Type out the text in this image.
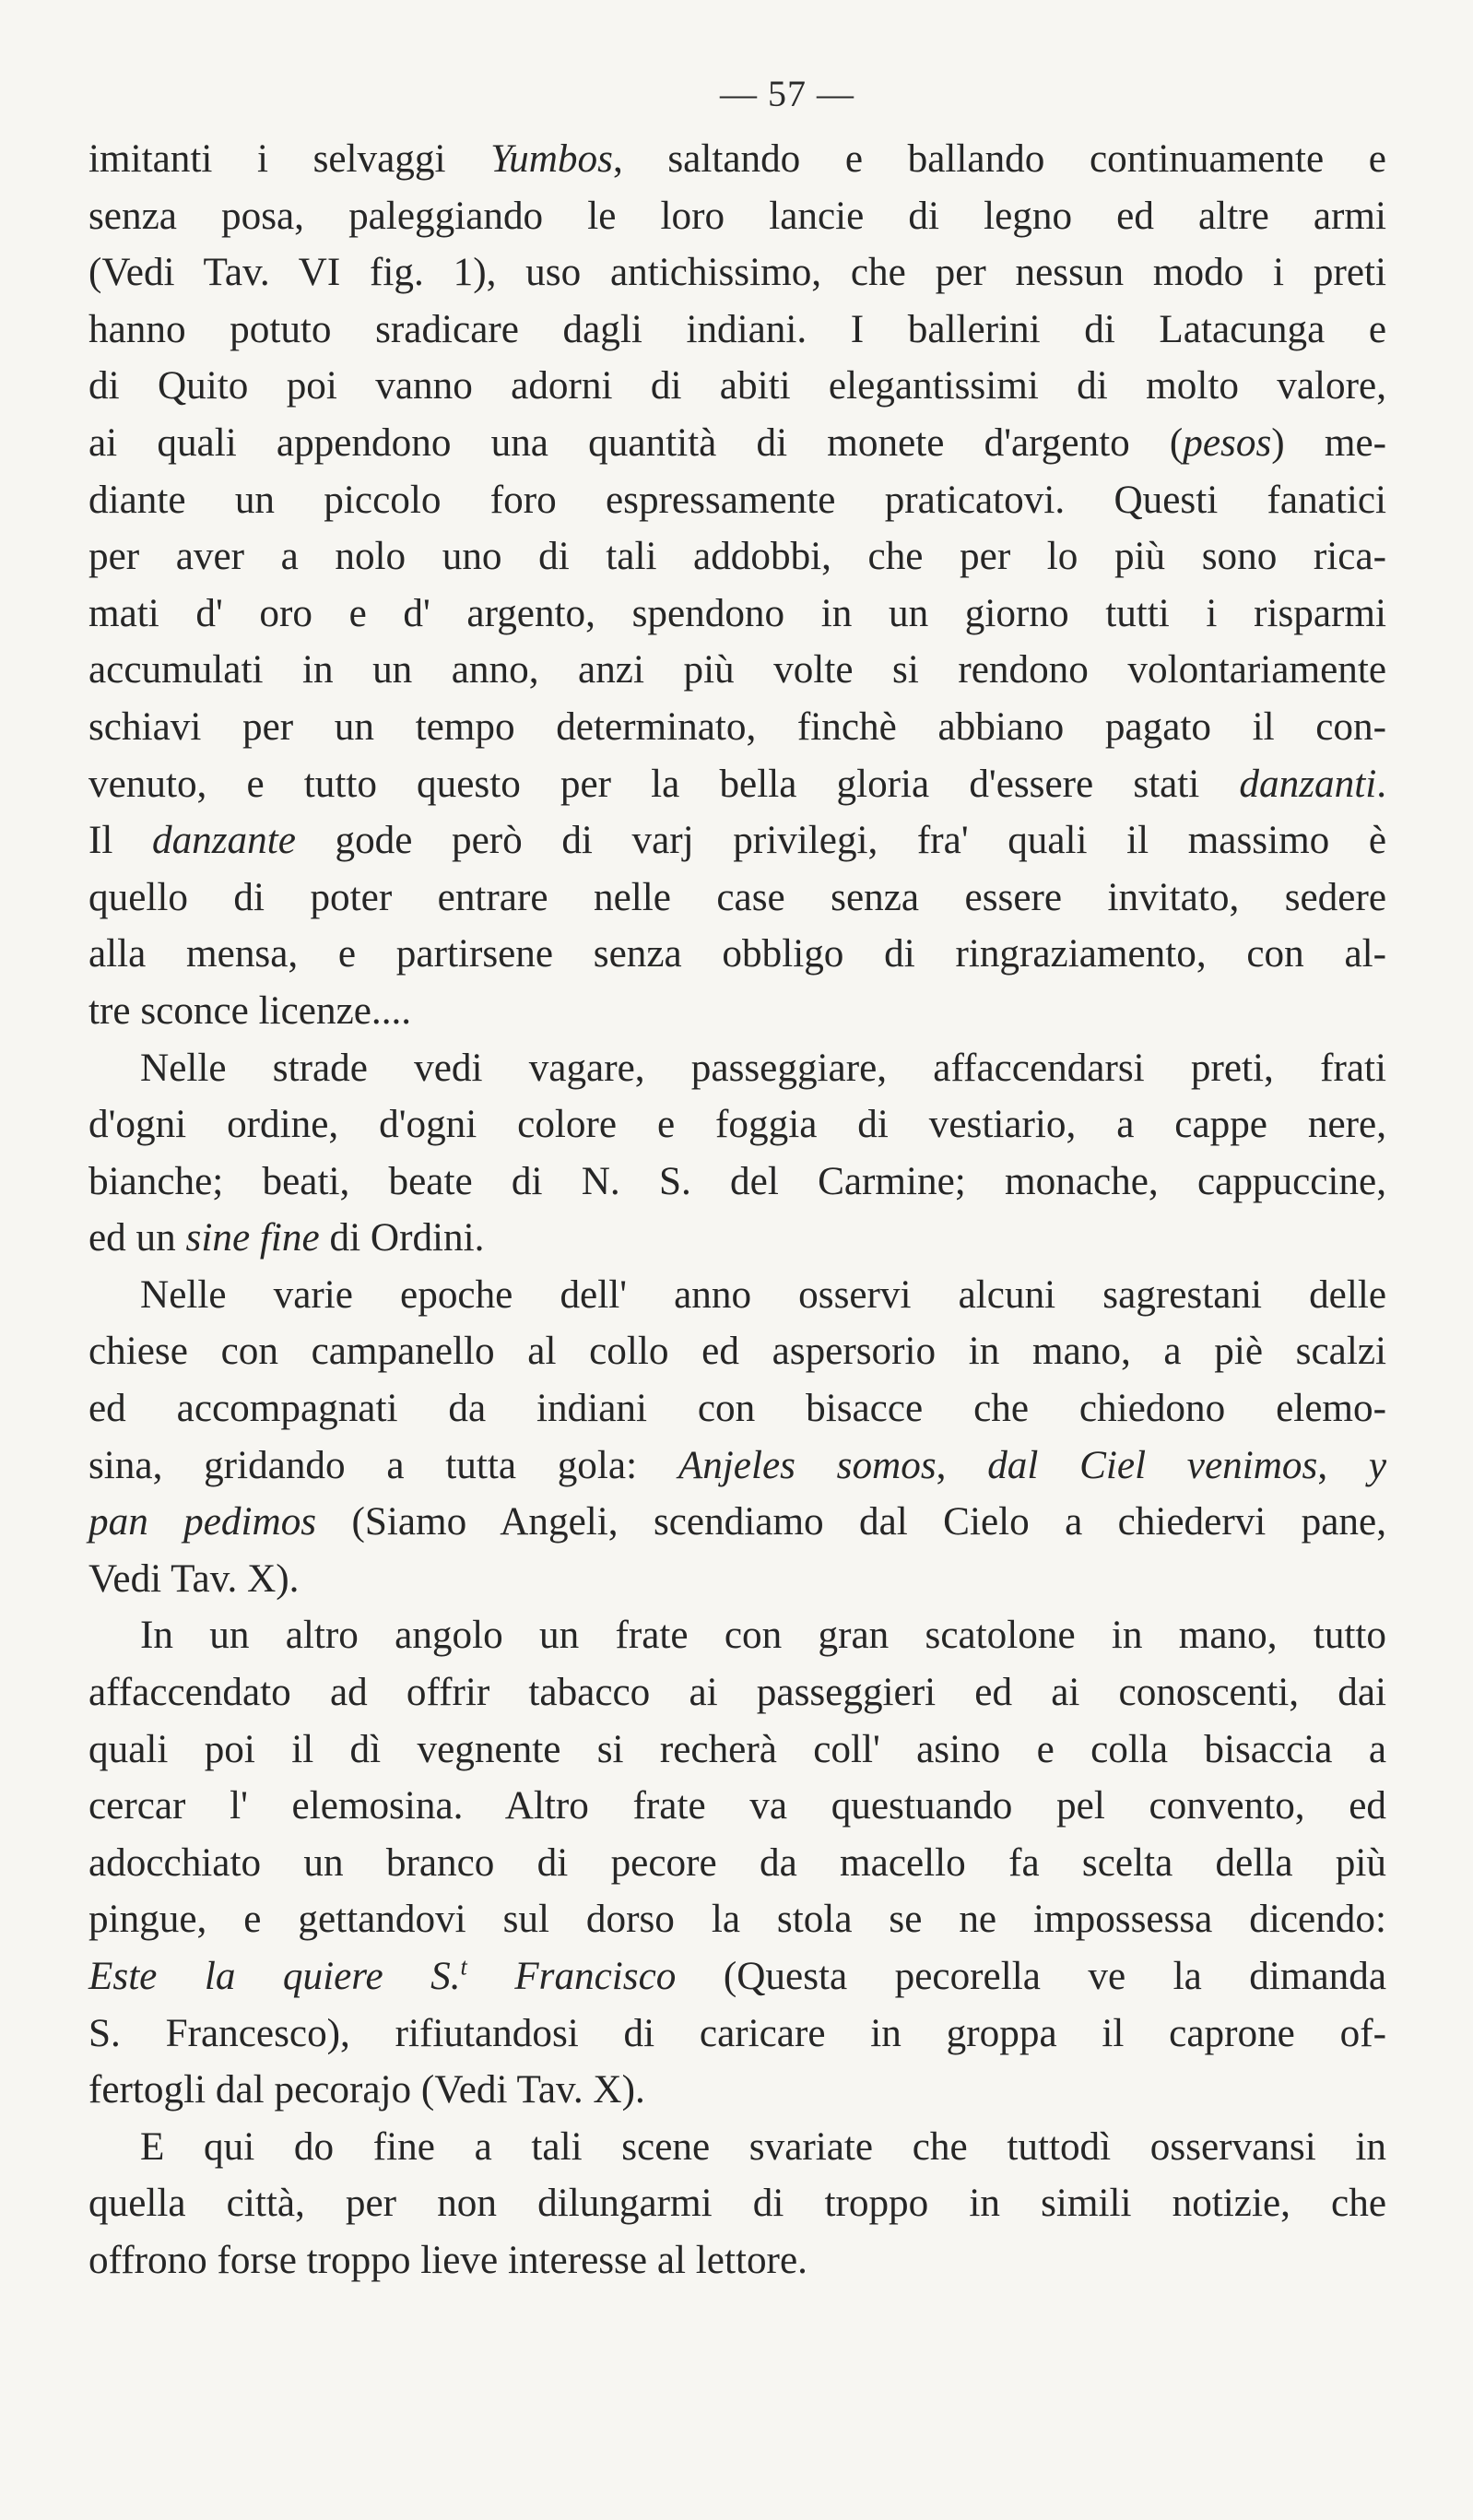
— 57 —
imitanti i selvaggi Yumbos, saltando e ballando continuamente e
senza posa, paleggiando le loro lancie di legno ed altre armi
(Vedi Tav. VI fig. 1), uso antichissimo, che per nessun modo i preti
hanno potuto sradicare dagli indiani. I ballerini di Latacunga e
di Quito poi vanno adorni di abiti elegantissimi di molto valore,
ai quali appendono una quantità di monete d'argento (pesos) me-
diante un piccolo foro espressamente praticatovi. Questi fanatici
per aver a nolo uno di tali addobbi, che per lo più sono rica-
mati d' oro e d' argento, spendono in un giorno tutti i risparmi
accumulati in un anno, anzi più volte si rendono volontariamente
schiavi per un tempo determinato, finchè abbiano pagato il con-
venuto, e tutto questo per la bella gloria d'essere stati danzanti.
Il danzante gode però di varj privilegi, fra' quali il massimo è
quello di poter entrare nelle case senza essere invitato, sedere
alla mensa, e partirsene senza obbligo di ringraziamento, con al-
tre sconce licenze....
Nelle strade vedi vagare, passeggiare, affaccendarsi preti, frati
d'ogni ordine, d'ogni colore e foggia di vestiario, a cappe nere,
bianche; beati, beate di N. S. del Carmine; monache, cappuccine,
ed un sine fine di Ordini.
Nelle varie epoche dell' anno osservi alcuni sagrestani delle
chiese con campanello al collo ed aspersorio in mano, a piè scalzi
ed accompagnati da indiani con bisacce che chiedono elemo-
sina, gridando a tutta gola: Anjeles somos, dal Ciel venimos, y
pan pedimos (Siamo Angeli, scendiamo dal Cielo a chiedervi pane,
Vedi Tav. X).
In un altro angolo un frate con gran scatolone in mano, tutto
affaccendato ad offrir tabacco ai passeggieri ed ai conoscenti, dai
quali poi il dì vegnente si recherà coll' asino e colla bisaccia a
cercar l' elemosina. Altro frate va questuando pel convento, ed
adocchiato un branco di pecore da macello fa scelta della più
pingue, e gettandovi sul dorso la stola se ne impossessa dicendo:
Este la quiere S.$^t$ Francisco (Questa pecorella ve la dimanda
S. Francesco), rifiutandosi di caricare in groppa il caprone of-
fertogli dal pecorajo (Vedi Tav. X).
E qui do fine a tali scene svariate che tuttodì osservansi in
quella città, per non dilungarmi di troppo in simili notizie, che
offrono forse troppo lieve interesse al lettore.
